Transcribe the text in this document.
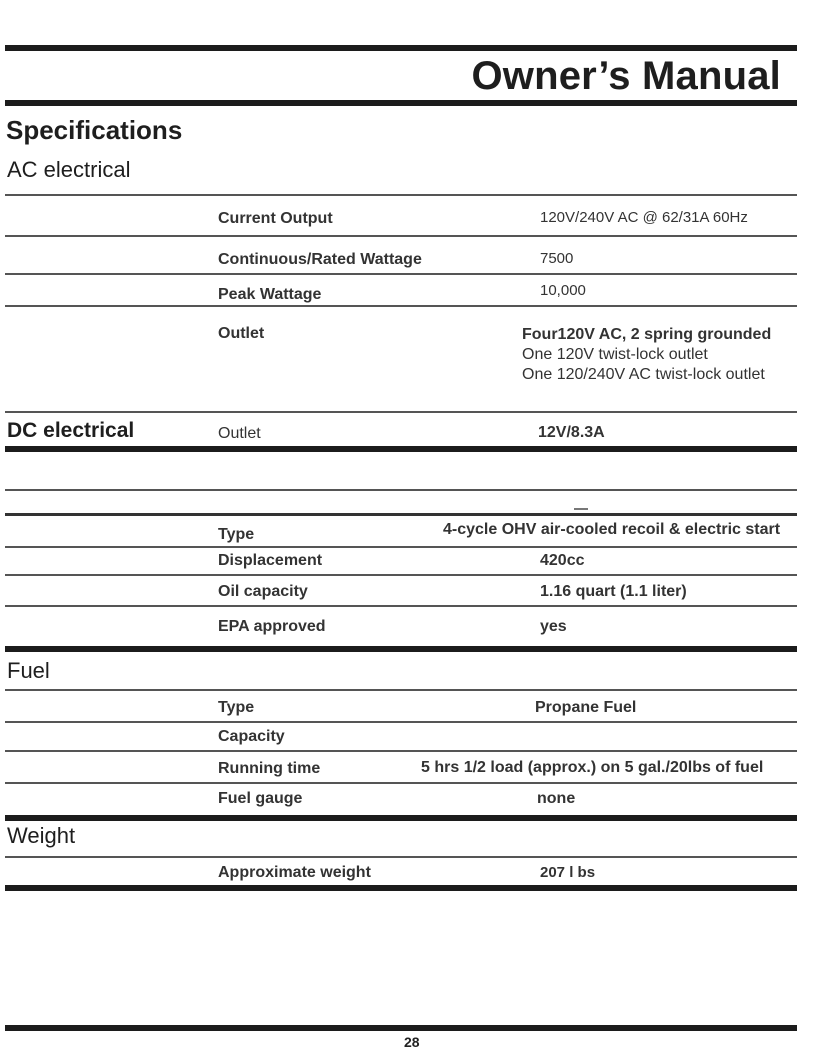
Owner’s Manual
Specifications
AC electrical
Current Output	120V/240V AC @ 62/31A 60Hz
Continuous/Rated Wattage	7500
Peak Wattage	10,000
Outlet	Four120V AC, 2 spring grounded
One 120V twist-lock outlet
One 120/240V AC twist-lock outlet
DC electrical	Outlet	12V/8.3A
Type	4-cycle OHV air-cooled recoil & electric start
Displacement	420cc
Oil capacity	1.16 quart (1.1 liter)
EPA approved	yes
Fuel
Type	Propane Fuel
Capacity
Running time	5 hrs 1/2 load (approx.) on 5 gal./20lbs of fuel
Fuel gauge	none
Weight
Approximate weight	207 l bs
28
